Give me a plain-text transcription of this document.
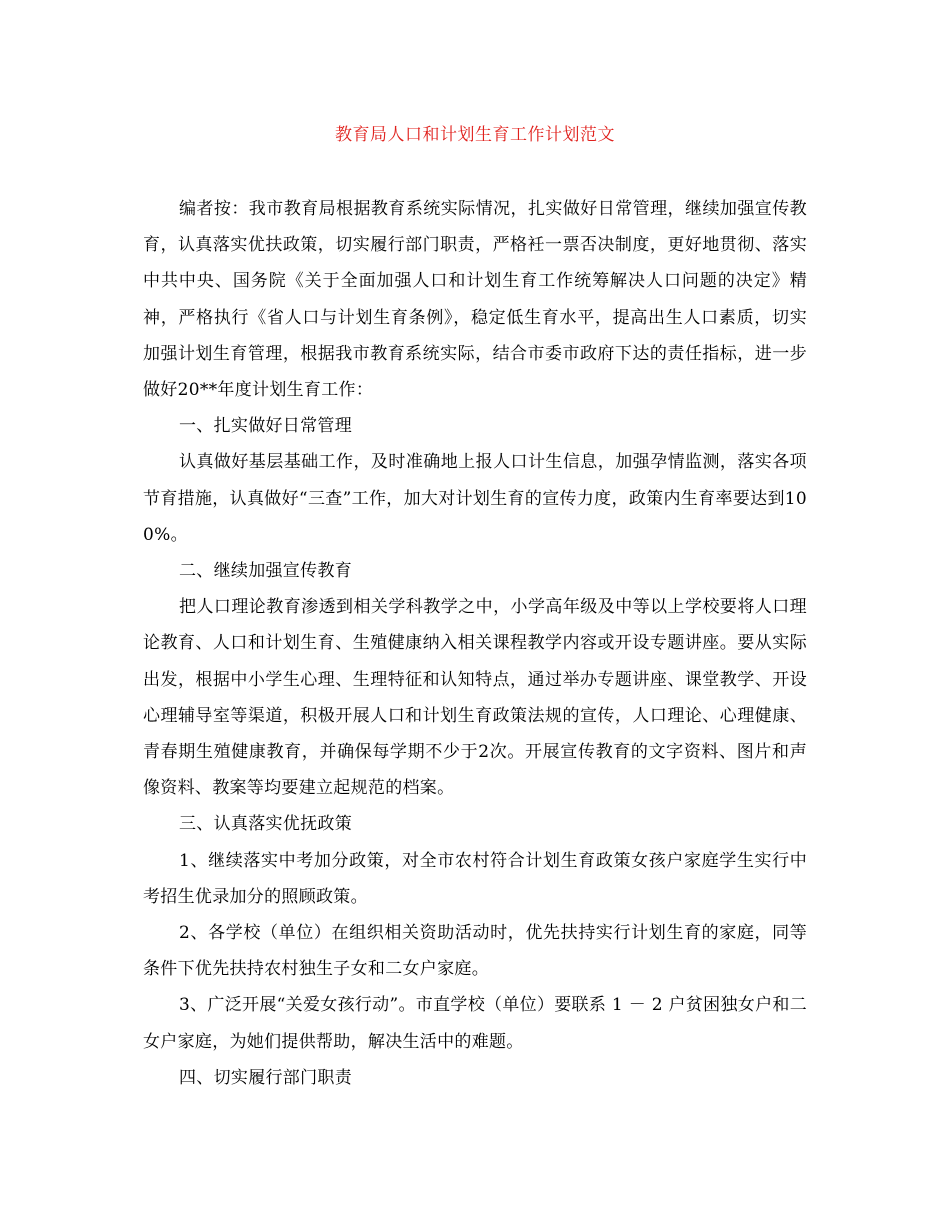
教育局人口和计划生育工作计划范文

编者按：我市教育局根据教育系统实际情况，扎实做好日常管理，继续加强宣传教育，认真落实优扶政策，切实履行部门职责，严格衽一票否决制度，更好地贯彻、落实中共中央、国务院《关于全面加强人口和计划生育工作统筹解决人口问题的决定》精神，严格执行《省人口与计划生育条例》，稳定低生育水平，提高出生人口素质，切实加强计划生育管理，根据我市教育系统实际，结合市委市政府下达的责任指标，进一步做好20**年度计划生育工作：

一、扎实做好日常管理

认真做好基层基础工作，及时准确地上报人口计生信息，加强孕情监测，落实各项节育措施，认真做好“三查”工作，加大对计划生育的宣传力度，政策内生育率要达到100%。

二、继续加强宣传教育

把人口理论教育渗透到相关学科教学之中，小学高年级及中等以上学校要将人口理论教育、人口和计划生育、生殖健康纳入相关课程教学内容或开设专题讲座。要从实际出发，根据中小学生心理、生理特征和认知特点，通过举办专题讲座、课堂教学、开设心理辅导室等渠道，积极开展人口和计划生育政策法规的宣传，人口理论、心理健康、青春期生殖健康教育，并确保每学期不少于2次。开展宣传教育的文字资料、图片和声像资料、教案等均要建立起规范的档案。

三、认真落实优抚政策

1、继续落实中考加分政策，对全市农村符合计划生育政策女孩户家庭学生实行中考招生优录加分的照顾政策。

2、各学校（单位）在组织相关资助活动时，优先扶持实行计划生育的家庭，同等条件下优先扶持农村独生子女和二女户家庭。

3、广泛开展“关爱女孩行动”。市直学校（单位）要联系 1 － 2 户贫困独女户和二女户家庭，为她们提供帮助，解决生活中的难题。

四、切实履行部门职责
